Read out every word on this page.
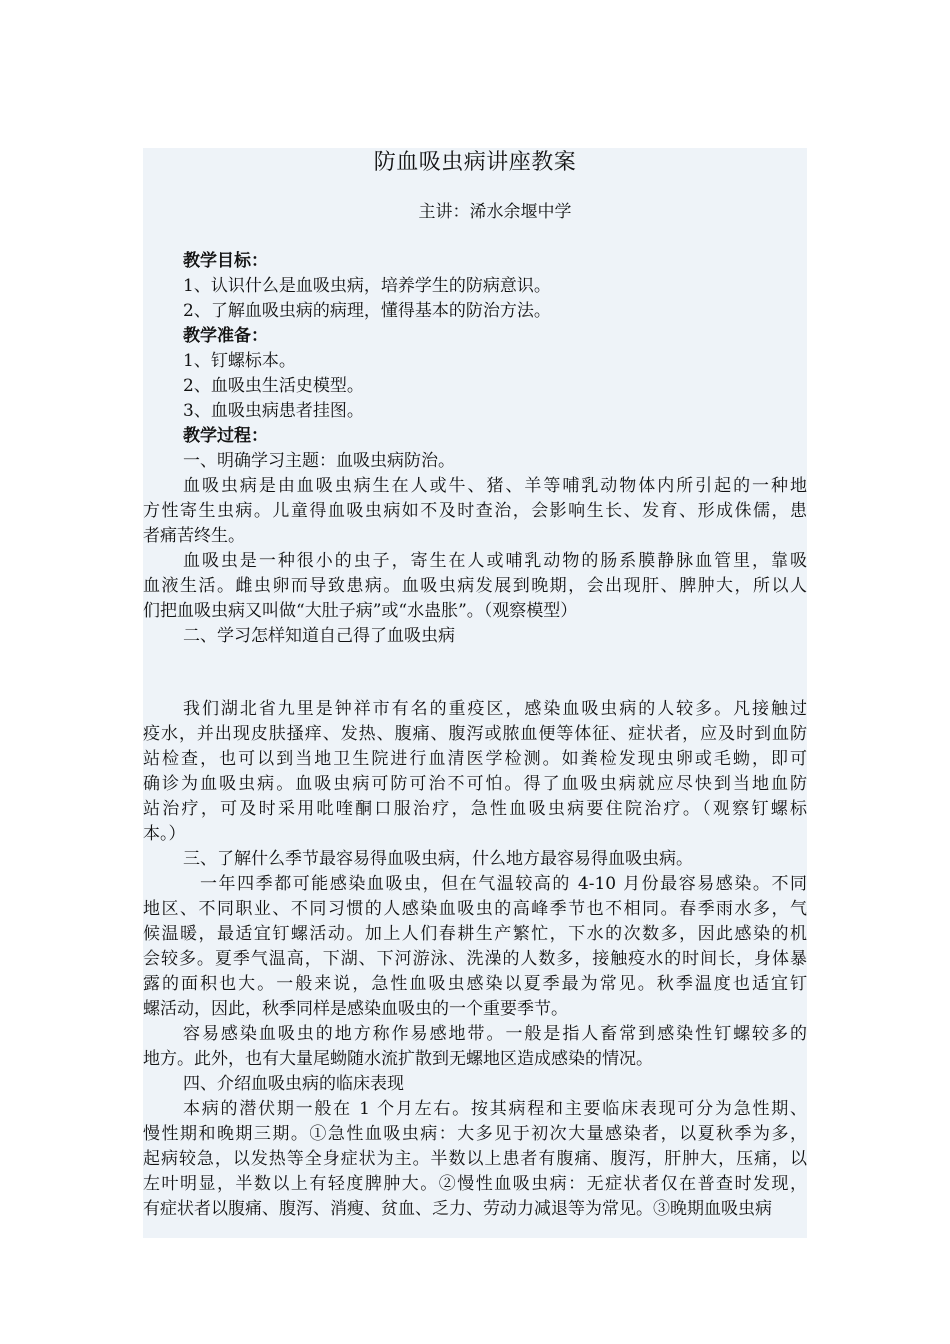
防血吸虫病讲座教案
主讲：浠水余堰中学

教学目标：

1、认识什么是血吸虫病，培养学生的防病意识。

2、了解血吸虫病的病理，懂得基本的防治方法。

教学准备：

1、钉螺标本。

2、血吸虫生活史模型。

3、血吸虫病患者挂图。

教学过程：

一、明确学习主题：血吸虫病防治。

血吸虫病是由血吸虫病生在人或牛、猪、羊等哺乳动物体内所引起的一种地

方性寄生虫病。儿童得血吸虫病如不及时查治，会影响生长、发育、形成侏儒，患

者痛苦终生。

血吸虫是一种很小的虫子，寄生在人或哺乳动物的肠系膜静脉血管里，靠吸

血液生活。雌虫卵而导致患病。血吸虫病发展到晚期，会出现肝、脾肿大，所以人

们把血吸虫病又叫做“大肚子病”或“水蛊胀”。（观察模型）

二、学习怎样知道自己得了血吸虫病

我们湖北省九里是钟祥市有名的重疫区，感染血吸虫病的人较多。凡接触过

疫水，并出现皮肤搔痒、发热、腹痛、腹泻或脓血便等体征、症状者，应及时到血防

站检查，也可以到当地卫生院进行血清医学检测。如粪检发现虫卵或毛蚴，即可

确诊为血吸虫病。血吸虫病可防可治不可怕。得了血吸虫病就应尽快到当地血防

站治疗，可及时采用吡喹酮口服治疗，急性血吸虫病要住院治疗。（观察钉螺标

本。）

三、了解什么季节最容易得血吸虫病，什么地方最容易得血吸虫病。

一年四季都可能感染血吸虫，但在气温较高的 4-10 月份最容易感染。不同

地区、不同职业、不同习惯的人感染血吸虫的高峰季节也不相同。春季雨水多，气

候温暖，最适宜钉螺活动。加上人们春耕生产繁忙，下水的次数多，因此感染的机

会较多。夏季气温高，下湖、下河游泳、洗澡的人数多，接触疫水的时间长，身体暴

露的面积也大。一般来说，急性血吸虫感染以夏季最为常见。秋季温度也适宜钉

螺活动，因此，秋季同样是感染血吸虫的一个重要季节。

容易感染血吸虫的地方称作易感地带。一般是指人畜常到感染性钉螺较多的

地方。此外，也有大量尾蚴随水流扩散到无螺地区造成感染的情况。

四、介绍血吸虫病的临床表现

本病的潜伏期一般在 1 个月左右。按其病程和主要临床表现可分为急性期、

慢性期和晚期三期。①急性血吸虫病：大多见于初次大量感染者，以夏秋季为多，

起病较急，以发热等全身症状为主。半数以上患者有腹痛、腹泻，肝肿大，压痛，以

左叶明显，半数以上有轻度脾肿大。②慢性血吸虫病：无症状者仅在普查时发现，

有症状者以腹痛、腹泻、消瘦、贫血、乏力、劳动力减退等为常见。③晚期血吸虫病
